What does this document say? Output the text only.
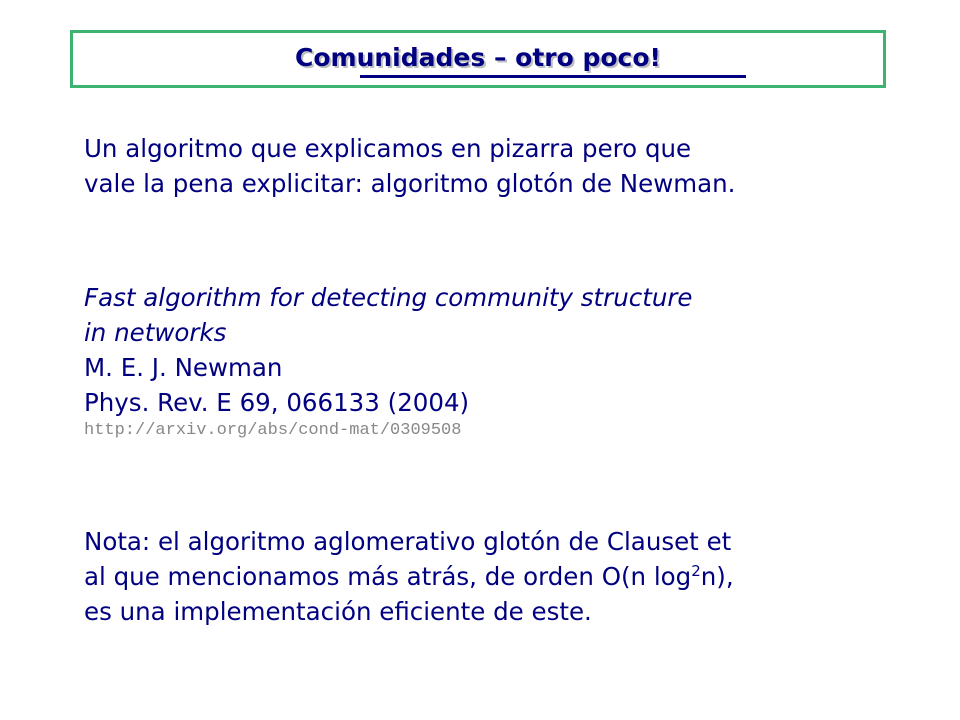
Comunidades – otro poco!
Un algoritmo que explicamos en pizarra pero que
vale la pena explicitar: algoritmo glotón de Newman.
Fast algorithm for detecting community structure
in networks
M. E. J. Newman
Phys. Rev. E 69, 066133 (2004)
http://arxiv.org/abs/cond-mat/0309508
Nota: el algoritmo aglomerativo glotón de Clauset et
al que mencionamos más atrás, de orden O(n $\log^2n$),
es una implementación eficiente de este.
